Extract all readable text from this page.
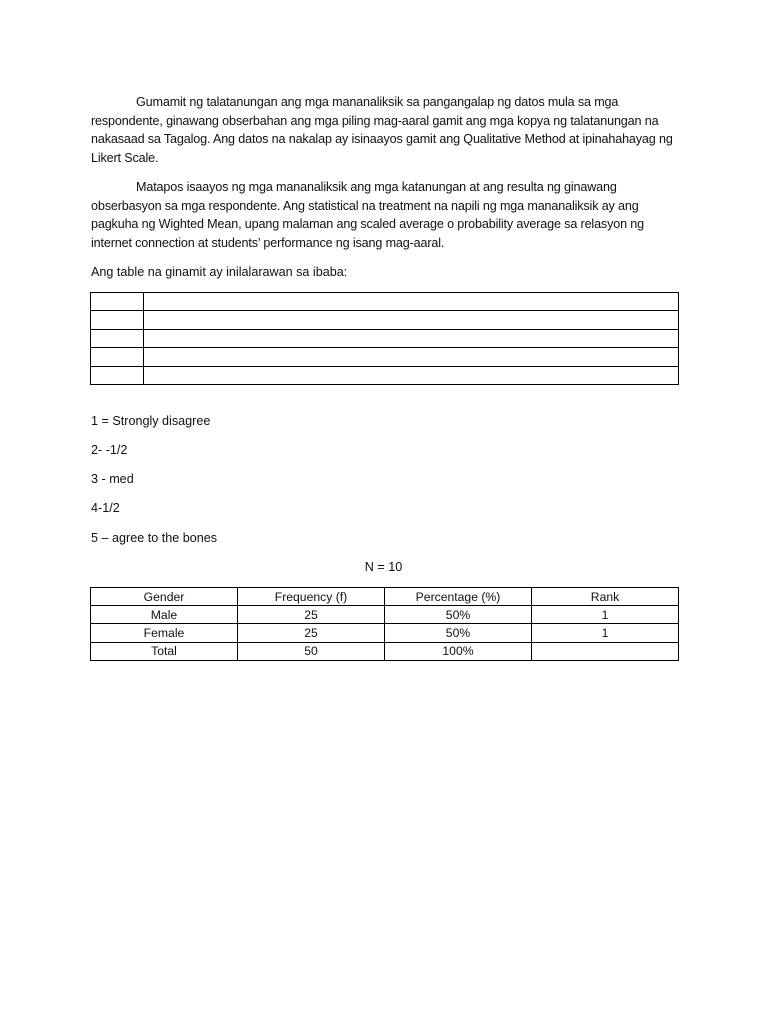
Gumamit ng talatanungan ang mga mananaliksik sa pangangalap ng datos mula sa mga respondente, ginawang obserbahan ang mga piling mag-aaral gamit ang mga kopya ng talatanungan na nakasaad sa Tagalog. Ang datos na nakalap ay isinaayos gamit ang Qualitative Method at ipinahahayag ng Likert Scale.

Matapos isaayos ng mga mananaliksik ang mga katanungan at ang resulta ng ginawang obserbasyon sa mga respondente. Ang statistical na treatment na napili ng mga mananaliksik ay ang pagkuha ng Wighted Mean, upang malaman ang scaled average o probability average sa relasyon ng internet connection at students’ performance ng isang mag-aaral.

Ang table na ginamit ay inilalarawan sa ibaba:

1 = Strongly disagree

2- -1/2

3 - med

4-1/2

5 – agree to the bones

N = 10

Gender	Frequency (f)	Percentage (%)	Rank
Male	25	50%	1
Female	25	50%	1
Total	50	100%	
